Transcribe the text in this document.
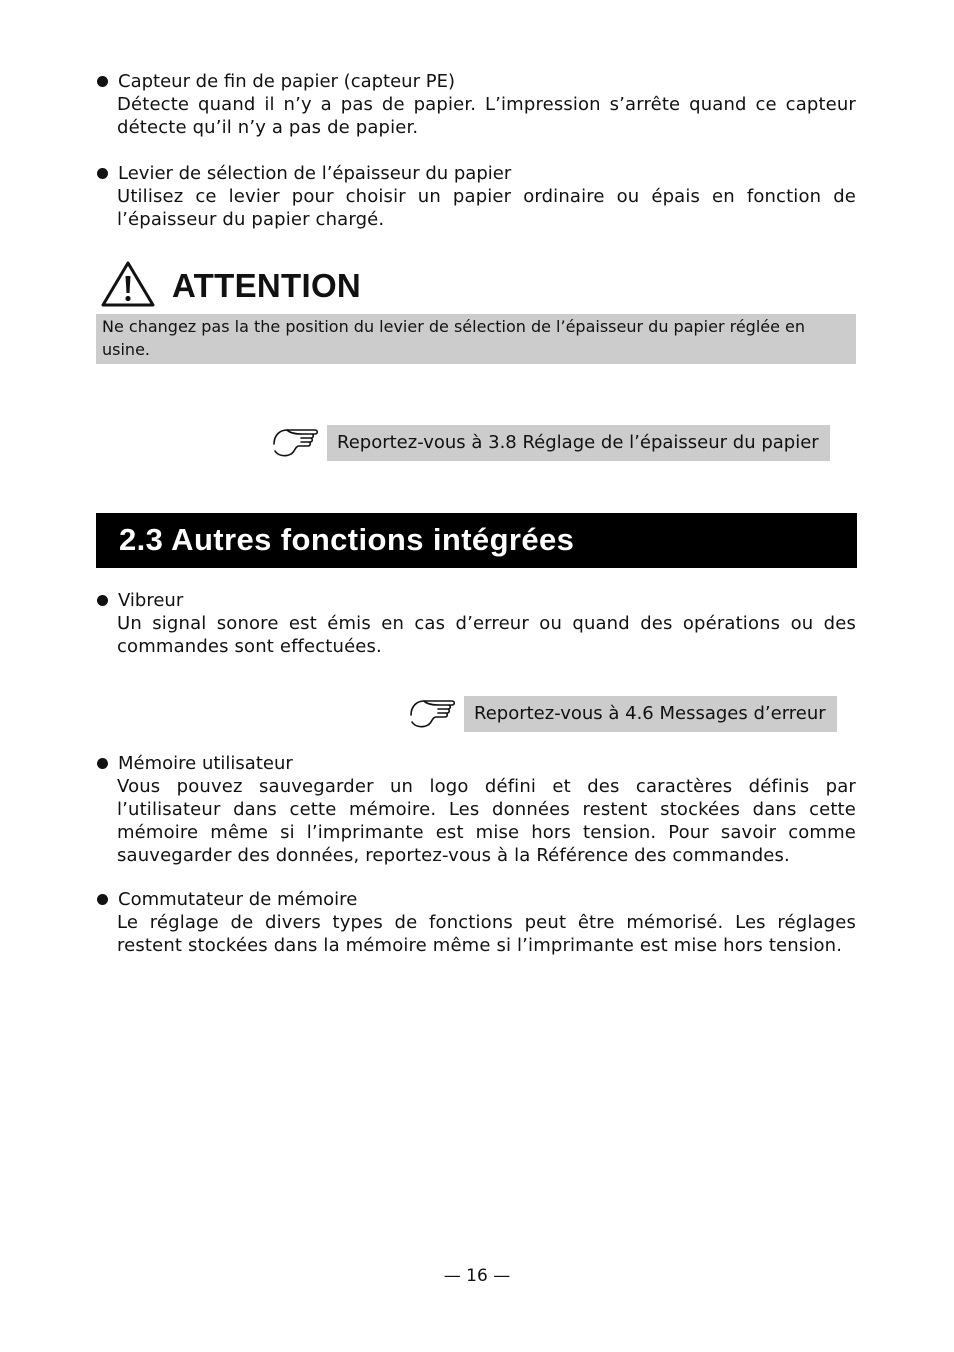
Capteur de fin de papier (capteur PE)
Détecte quand il n’y a pas de papier. L’impression s’arrête quand ce capteur détecte qu’il n’y a pas de papier.
Levier de sélection de l’épaisseur du papier
Utilisez ce levier pour choisir un papier ordinaire ou épais en fonction de l’épaisseur du papier chargé.
ATTENTION
Ne changez pas la the position du levier de sélection de l’épaisseur du papier réglée en usine.
Reportez-vous à 3.8 Réglage de l’épaisseur du papier
2.3 Autres fonctions intégrées
Vibreur
Un signal sonore est émis en cas d’erreur ou quand des opérations ou des commandes sont effectuées.
Reportez-vous à 4.6 Messages d’erreur
Mémoire utilisateur
Vous pouvez sauvegarder un logo défini et des caractères définis par l’utilisateur dans cette mémoire. Les données restent stockées dans cette mémoire même si l’imprimante est mise hors tension. Pour savoir comme sauvegarder des données, reportez-vous à la Référence des commandes.
Commutateur de mémoire
Le réglage de divers types de fonctions peut être mémorisé. Les réglages restent stockées dans la mémoire même si l’imprimante est mise hors tension.
— 16 —
